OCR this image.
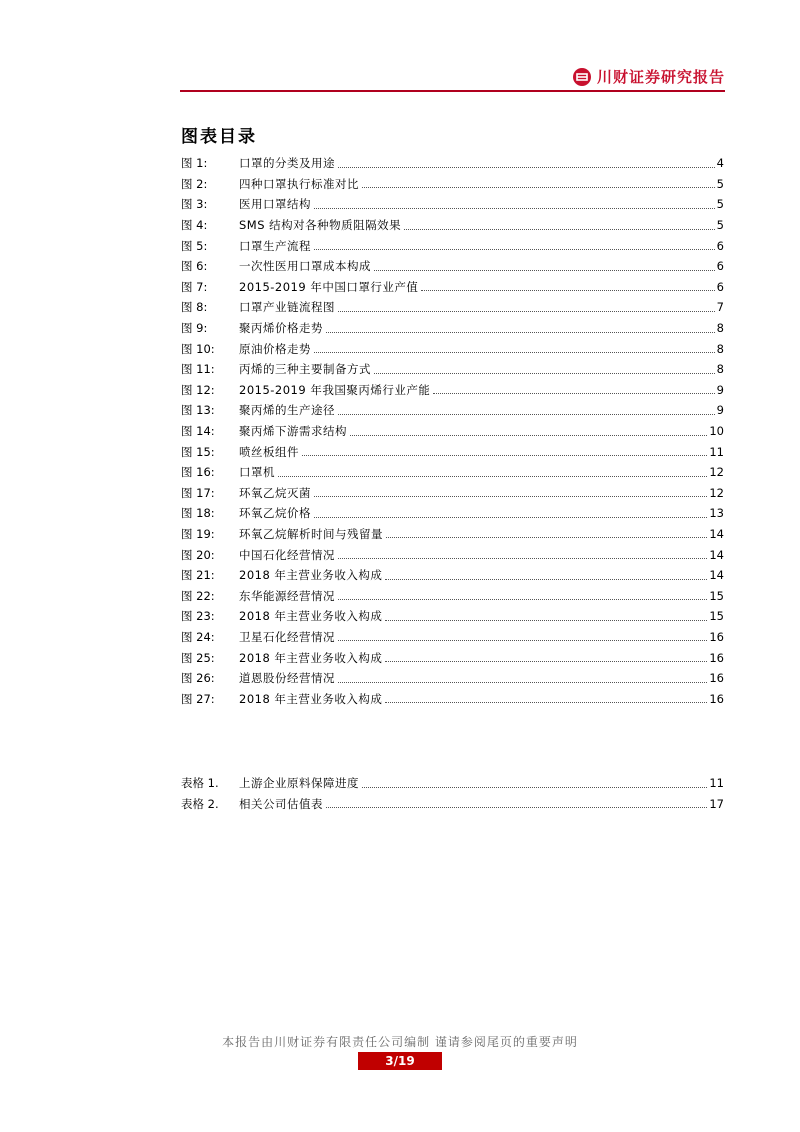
川财证券研究报告
图表目录
图 1:	口罩的分类及用途	4
图 2:	四种口罩执行标准对比	5
图 3:	医用口罩结构	5
图 4:	SMS 结构对各种物质阻隔效果	5
图 5:	口罩生产流程	6
图 6:	一次性医用口罩成本构成	6
图 7:	2015-2019 年中国口罩行业产值	6
图 8:	口罩产业链流程图	7
图 9:	聚丙烯价格走势	8
图 10:	原油价格走势	8
图 11:	丙烯的三种主要制备方式	8
图 12:	2015-2019 年我国聚丙烯行业产能	9
图 13:	聚丙烯的生产途径	9
图 14:	聚丙烯下游需求结构	10
图 15:	喷丝板组件	11
图 16:	口罩机	12
图 17:	环氧乙烷灭菌	12
图 18:	环氧乙烷价格	13
图 19:	环氧乙烷解析时间与残留量	14
图 20:	中国石化经营情况	14
图 21:	2018 年主营业务收入构成	14
图 22:	东华能源经营情况	15
图 23:	2018 年主营业务收入构成	15
图 24:	卫星石化经营情况	16
图 25:	2018 年主营业务收入构成	16
图 26:	道恩股份经营情况	16
图 27:	2018 年主营业务收入构成	16
表格 1.	上游企业原料保障进度	11
表格 2.	相关公司估值表	17
本报告由川财证券有限责任公司编制 谨请参阅尾页的重要声明
3/19
